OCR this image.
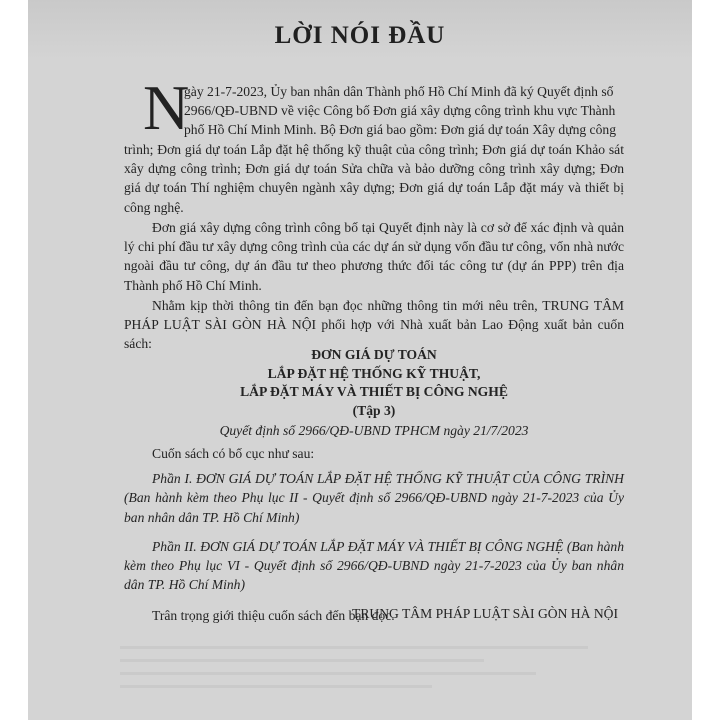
LỜI NÓI ĐẦU
N

gày 21-7-2023, Ủy ban nhân dân Thành phố Hồ Chí Minh đã ký Quyết định số

2966/QĐ-UBND về việc Công bố Đơn giá xây dựng công trình khu vực Thành

phố Hồ Chí Minh Minh. Bộ Đơn giá bao gồm: Đơn giá dự toán Xây dựng công

trình; Đơn giá dự toán Lắp đặt hệ thống kỹ thuật của công trình; Đơn giá dự toán Khảo sát xây dựng công trình; Đơn giá dự toán Sửa chữa và bảo dưỡng công trình xây dựng; Đơn giá dự toán Thí nghiệm chuyên ngành xây dựng; Đơn giá dự toán Lắp đặt máy và thiết bị công nghệ.

Đơn giá xây dựng công trình công bố tại Quyết định này là cơ sở để xác định và quản lý chi phí đầu tư xây dựng công trình của các dự án sử dụng vốn đầu tư công, vốn nhà nước ngoài đầu tư công, dự án đầu tư theo phương thức đối tác công tư (dự án PPP) trên địa Thành phố Hồ Chí Minh.

Nhằm kịp thời thông tin đến bạn đọc những thông tin mới nêu trên, TRUNG TÂM PHÁP LUẬT SÀI GÒN HÀ NỘI phối hợp với Nhà xuất bản Lao Động xuất bản cuốn sách:

ĐƠN GIÁ DỰ TOÁN

LẮP ĐẶT HỆ THỐNG KỸ THUẬT,

LẮP ĐẶT MÁY VÀ THIẾT BỊ CÔNG NGHỆ

(Tập 3)

Quyết định số 2966/QĐ-UBND TPHCM ngày 21/7/2023

Cuốn sách có bố cục như sau:

Phần I. ĐƠN GIÁ DỰ TOÁN LẮP ĐẶT HỆ THỐNG KỸ THUẬT CỦA CÔNG TRÌNH (Ban hành kèm theo Phụ lục II - Quyết định số 2966/QĐ-UBND ngày 21-7-2023 của Ủy ban nhân dân TP. Hồ Chí Minh)

Phần II. ĐƠN GIÁ DỰ TOÁN LẮP ĐẶT MÁY VÀ THIẾT BỊ CÔNG NGHỆ (Ban hành kèm theo Phụ lục VI - Quyết định số 2966/QĐ-UBND ngày 21-7-2023 của Ủy ban nhân dân TP. Hồ Chí Minh)

Trân trọng giới thiệu cuốn sách đến bạn đọc.

TRUNG TÂM PHÁP LUẬT SÀI GÒN HÀ NỘI
